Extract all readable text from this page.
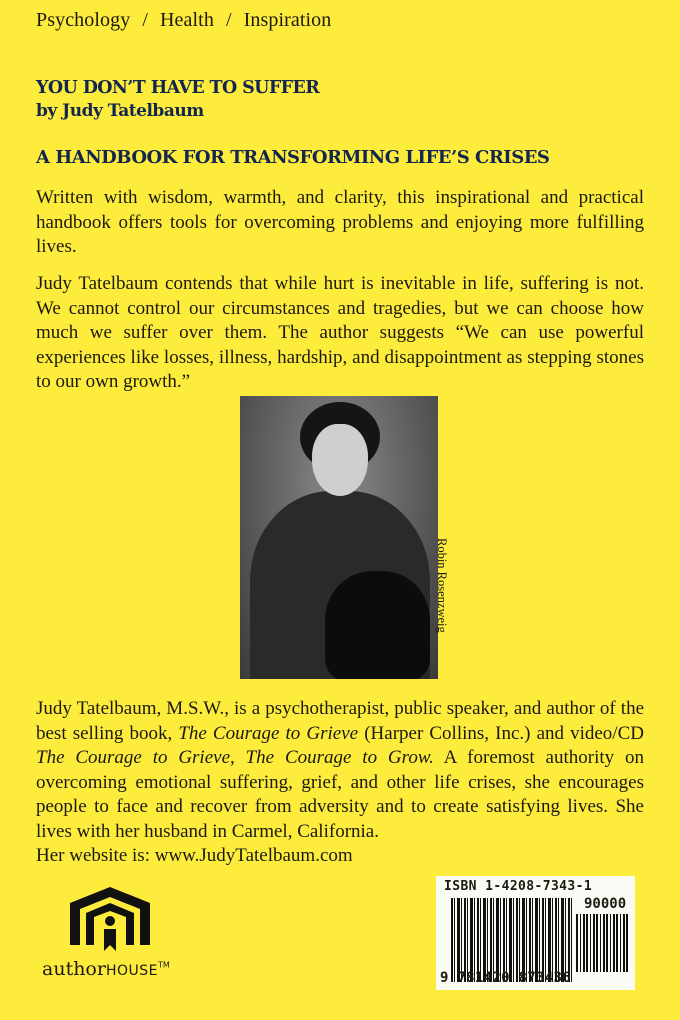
Psychology / Health / Inspiration
YOU DON’T HAVE TO SUFFER
by Judy Tatelbaum
A HANDBOOK FOR TRANSFORMING LIFE’S CRISES
Written with wisdom, warmth, and clarity, this inspirational and practical handbook offers tools for overcoming problems and enjoying more fulfilling lives.
Judy Tatelbaum contends that while hurt is inevitable in life, suffering is not. We cannot control our circumstances and tragedies, but we can choose how much we suffer over them. The author suggests “We can use powerful experiences like losses, illness, hardship, and disappointment as stepping stones to our own growth.”
Robin Rosenzweig
Judy Tatelbaum, M.S.W., is a psychotherapist, public speaker, and author of the best selling book, The Courage to Grieve (Harper Collins, Inc.) and video/CD The Courage to Grieve, The Courage to Grow. A foremost authority on overcoming emotional suffering, grief, and other life crises, she encourages people to face and recover from adversity and to create satisfying lives. She lives with her husband in Carmel, California.
Her website is: www.JudyTatelbaum.com
authorHOUSE™
ISBN 1-4208-7343-1
90000
9 781420 873436
